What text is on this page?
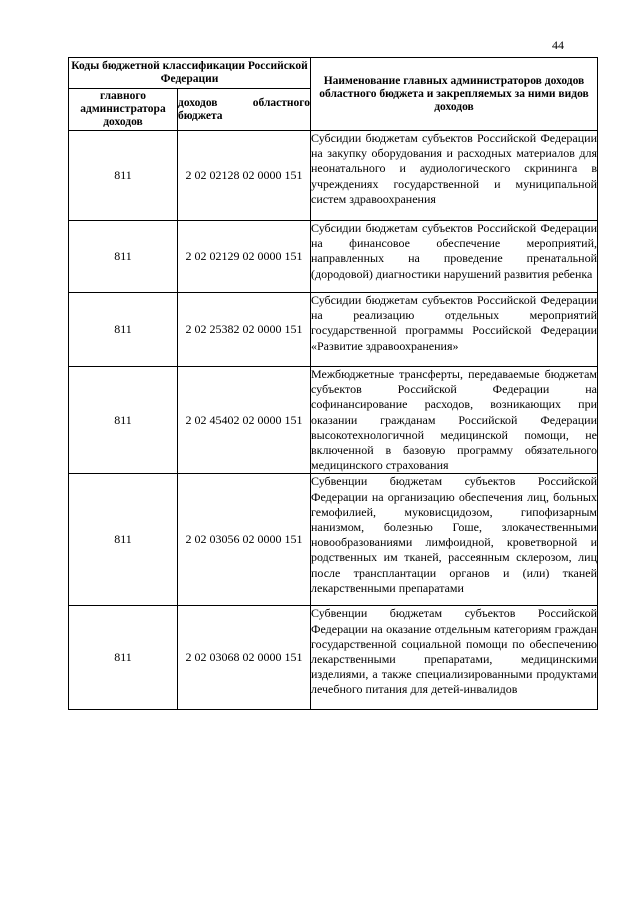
44
Коды бюджетной классификации Российской Федерации		Наименование главных администраторов доходов областного бюджета и закрепляемых за ними видов доходов
главного администратора доходов	доходов областного
бюджета	

811	2 02 02128 02 0000 151	Субсидии бюджетам субъектов Российской Федерации на закупку оборудования и расходных материалов для неонатального и аудиологического скрининга в учреждениях государственной и муниципальной систем здравоохранения
811	2 02 02129 02 0000 151	Субсидии бюджетам субъектов Российской Федерации на финансовое обеспечение мероприятий, направленных на проведение пренатальной (дородовой) диагностики нарушений развития ребенка
811	2 02 25382 02 0000 151	Субсидии бюджетам субъектов Российской Федерации на реализацию отдельных мероприятий государственной программы Российской Федерации «Развитие здравоохранения»
811	2 02 45402 02 0000 151	Межбюджетные трансферты, передаваемые бюджетам субъектов Российской Федерации на софинансирование расходов, возникающих при оказании гражданам Российской Федерации высокотехнологичной медицинской помощи, не включенной в базовую программу обязательного медицинского страхования
811	2 02 03056 02 0000 151	Субвенции бюджетам субъектов Российской Федерации на организацию обеспечения лиц, больных гемофилией, муковисцидозом, гипофизарным нанизмом, болезнью Гоше, злокачественными новообразованиями лимфоидной, кроветворной и родственных им тканей, рассеянным склерозом, лиц после трансплантации органов и (или) тканей лекарственными препаратами
811	2 02 03068 02 0000 151	Субвенции бюджетам субъектов Российской Федерации на оказание отдельным категориям граждан государственной социальной помощи по обеспечению лекарственными препаратами, медицинскими изделиями, а также специализированными продуктами лечебного питания для детей-инвалидов
